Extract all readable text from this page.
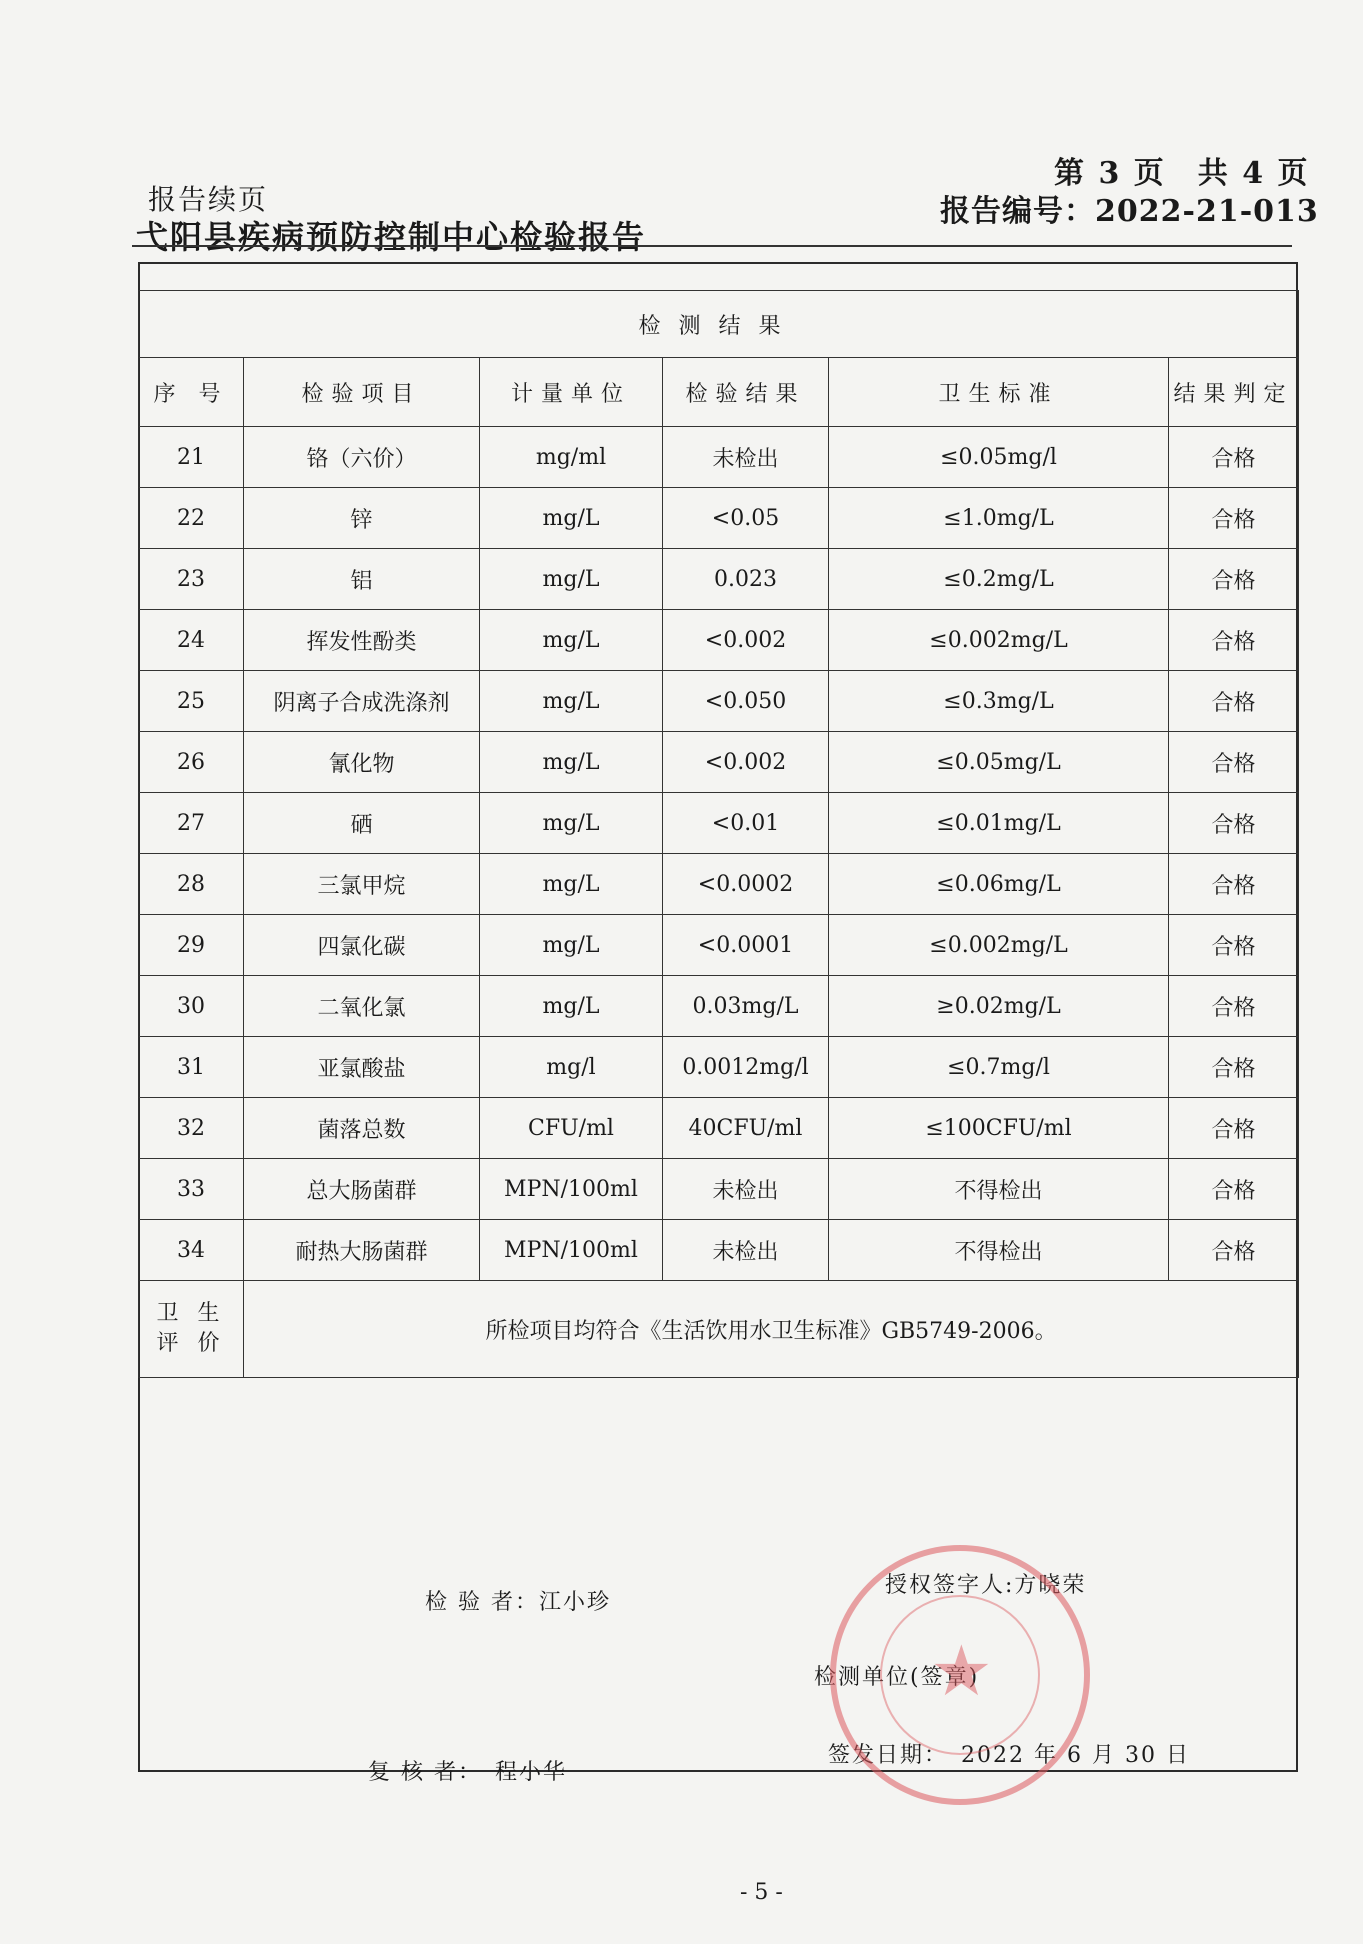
报告续页
弋阳县疾病预防控制中心检验报告
第 3 页　共 4 页
报告编号：2022-21-013
检测结果					
序 号	检验项目	计量单位	检验结果	卫生标准	结果判定
21	铬（六价）	mg/ml	未检出	≤0.05mg/l	合格
22	锌	mg/L	<0.05	≤1.0mg/L	合格
23	铝	mg/L	0.023	≤0.2mg/L	合格
24	挥发性酚类	mg/L	<0.002	≤0.002mg/L	合格
25	阴离子合成洗涤剂	mg/L	<0.050	≤0.3mg/L	合格
26	氰化物	mg/L	<0.002	≤0.05mg/L	合格
27	硒	mg/L	<0.01	≤0.01mg/L	合格
28	三氯甲烷	mg/L	<0.0002	≤0.06mg/L	合格
29	四氯化碳	mg/L	<0.0001	≤0.002mg/L	合格
30	二氧化氯	mg/L	0.03mg/L	≥0.02mg/L	合格
31	亚氯酸盐	mg/l	0.0012mg/l	≤0.7mg/l	合格
32	菌落总数	CFU/ml	40CFU/ml	≤100CFU/ml	合格
33	总大肠菌群	MPN/100ml	未检出	不得检出	合格
34	耐热大肠菌群	MPN/100ml	未检出	不得检出	合格

卫 生
评 价	所检项目均符合《生活饮用水卫生标准》GB5749-2006。				
检 验 者：江小珍
授权签字人:方晓荣
检测单位(签章)
复 核 者：　程小华
签发日期：　2022 年 6 月 30 日
★
- 5 -
